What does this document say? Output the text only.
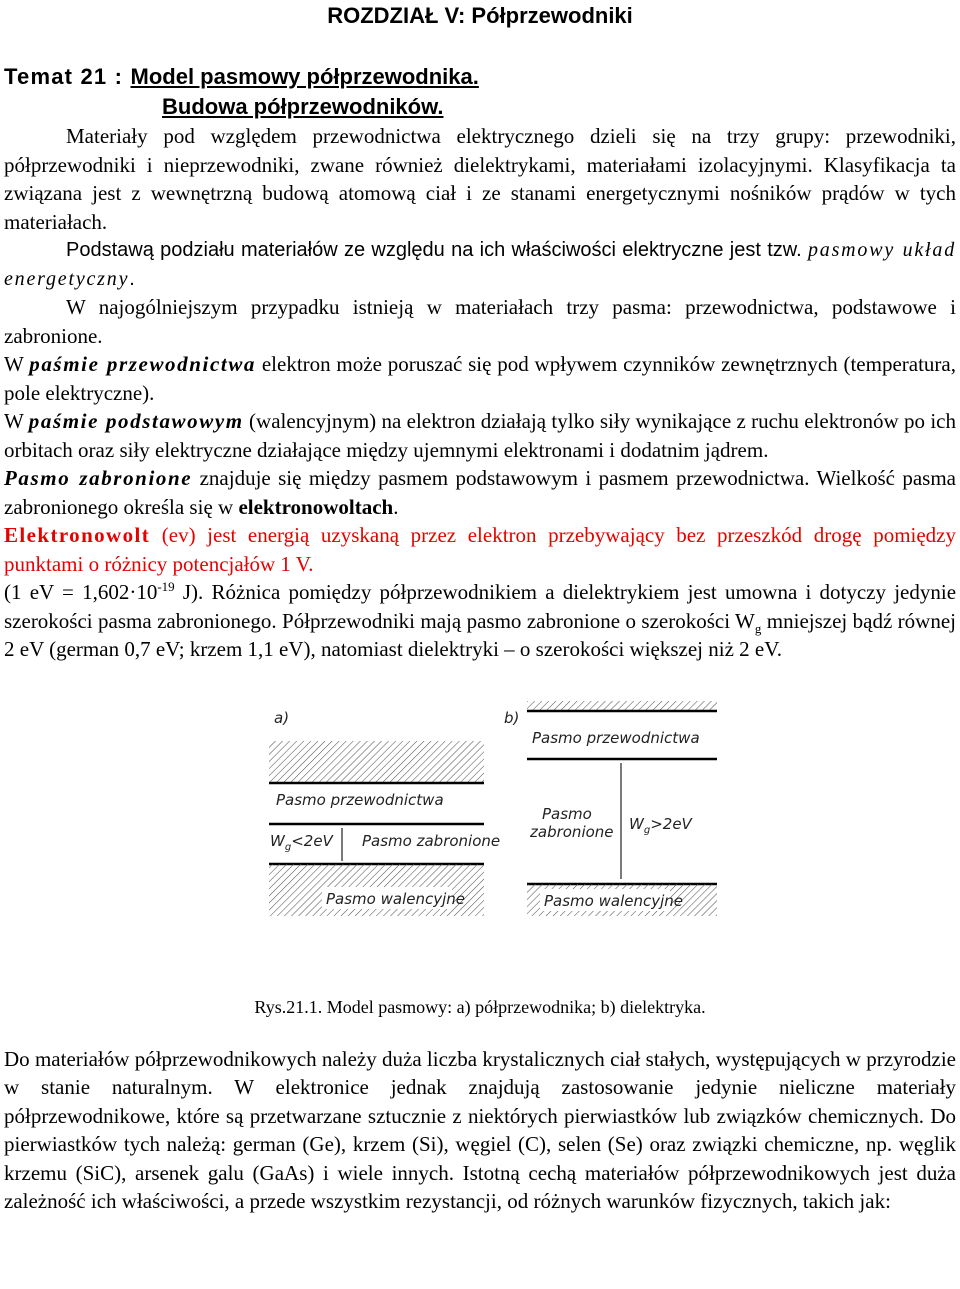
ROZDZIAŁ V: Półprzewodniki
Temat 21 : Model pasmowy półprzewodnika.
Budowa półprzewodników.

Materiały pod względem przewodnictwa elektrycznego dzieli się na trzy grupy: przewodniki, półprzewodniki i nieprzewodniki, zwane również dielektrykami, materiałami izolacyjnymi. Klasyfikacja ta związana jest z wewnętrzną budową atomową ciał i ze stanami energetycznymi nośników prądów w tych materiałach.

Podstawą podziału materiałów ze względu na ich właściwości elektryczne jest tzw. pasmowy układ energetyczny.

W najogólniejszym przypadku istnieją w materiałach trzy pasma: przewodnictwa, podstawowe i zabronione.

W paśmie przewodnictwa elektron może poruszać się pod wpływem czynników zewnętrznych (temperatura, pole elektryczne).

W paśmie podstawowym (walencyjnym) na elektron działają tylko siły wynikające z ruchu elektronów po ich orbitach oraz siły elektryczne działające między ujemnymi elektronami i dodatnim jądrem.

Pasmo zabronione znajduje się między pasmem podstawowym i pasmem przewodnictwa. Wielkość pasma zabronionego określa się w elektronowoltach.

Elektronowolt (ev) jest energią uzyskaną przez elektron przebywający bez przeszkód drogę pomiędzy punktami o różnicy potencjałów 1 V.

(1 eV = $1,602\cdot 10^{-19}$ J). Różnica pomiędzy półprzewodnikiem a dielektrykiem jest umowna i dotyczy jedynie szerokości pasma zabronionego. Półprzewodniki mają pasmo zabronione o szerokości $W_g$ mniejszej bądź równej 2 eV (german 0,7 eV; krzem 1,1 eV), natomiast dielektryki – o szerokości większej niż 2 eV.

a)
Pasmo przewodnictwa
$W_g<2eV$ Pasmo zabronione
Pasmo walencyjne
b)
Pasmo przewodnictwa
Pasmo
zabronione $W_g>2eV$
Pasmo walencyjne
Rys.21.1. Model pasmowy: a) półprzewodnika; b) dielektryka.

Do materiałów półprzewodnikowych należy duża liczba krystalicznych ciał stałych, występujących w przyrodzie w stanie naturalnym. W elektronice jednak znajdują zastosowanie jedynie nieliczne materiały półprzewodnikowe, które są przetwarzane sztucznie z niektórych pierwiastków lub związków chemicznych. Do pierwiastków tych należą: german (Ge), krzem (Si), węgiel (C), selen (Se) oraz związki chemiczne, np. węglik krzemu (SiC), arsenek galu (GaAs) i wiele innych. Istotną cechą materiałów półprzewodnikowych jest duża zależność ich właściwości, a przede wszystkim rezystancji, od różnych warunków fizycznych, takich jak:
